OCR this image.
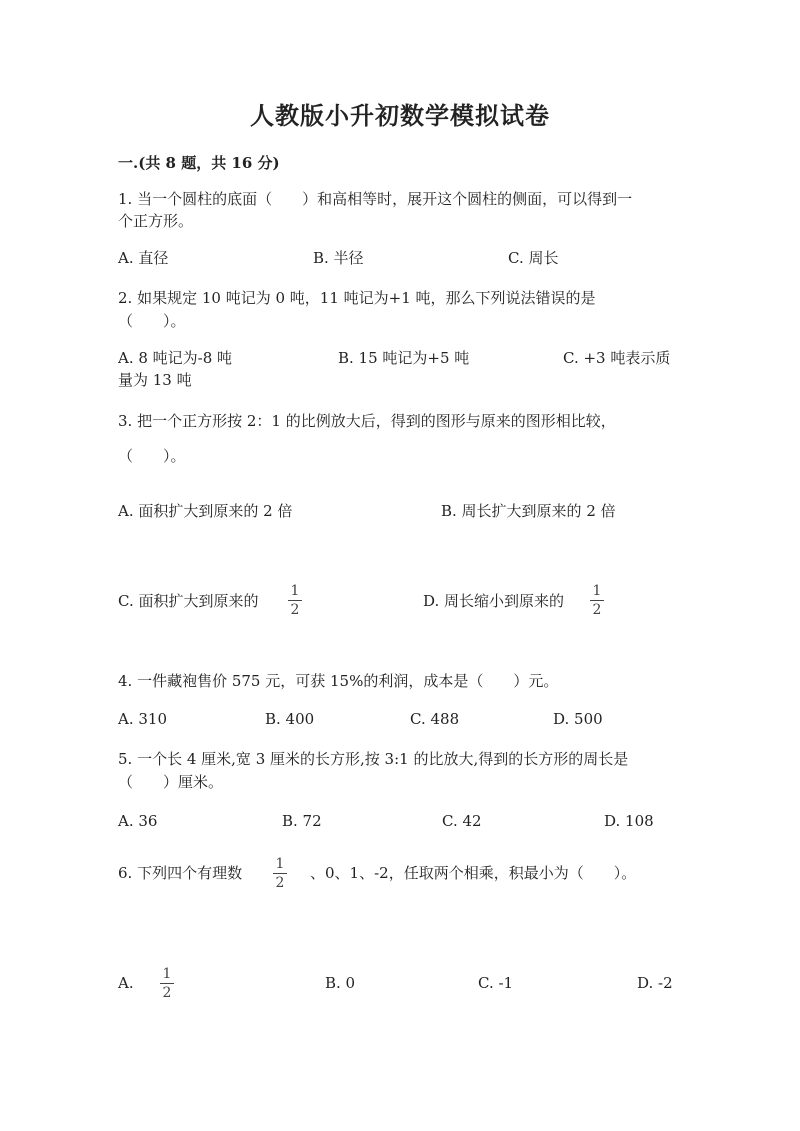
人教版小升初数学模拟试卷
一.(共 8 题，共 16 分)
1. 当一个圆柱的底面（　　）和高相等时，展开这个圆柱的侧面，可以得到一
个正方形。
A. 直径	B. 半径	C. 周长
2. 如果规定 10 吨记为 0 吨，11 吨记为+1 吨，那么下列说法错误的是
（　　）。
A. 8 吨记为-8 吨	B. 15 吨记为+5 吨	C. +3 吨表示质
量为 13 吨
3. 把一个正方形按 2：1 的比例放大后，得到的图形与原来的图形相比较，
（　　）。
A. 面积扩大到原来的 2 倍	B. 周长扩大到原来的 2 倍
C. 面积扩大到原来的
1
2	D. 周长缩小到原来的
1
2
4. 一件藏袍售价 575 元，可获 15%的利润，成本是（　　）元。
A. 310	B. 400	C. 488	D. 500
5. 一个长 4 厘米,宽 3 厘米的长方形,按 3:1 的比放大,得到的长方形的周长是
（　　）厘米。
A. 36	B. 72	C. 42	D. 108
6. 下列四个有理数 1
2
、0、1、-2，任取两个相乘，积最小为（　　）。
A. 1
2
B. 0	C. -1	D. -2
